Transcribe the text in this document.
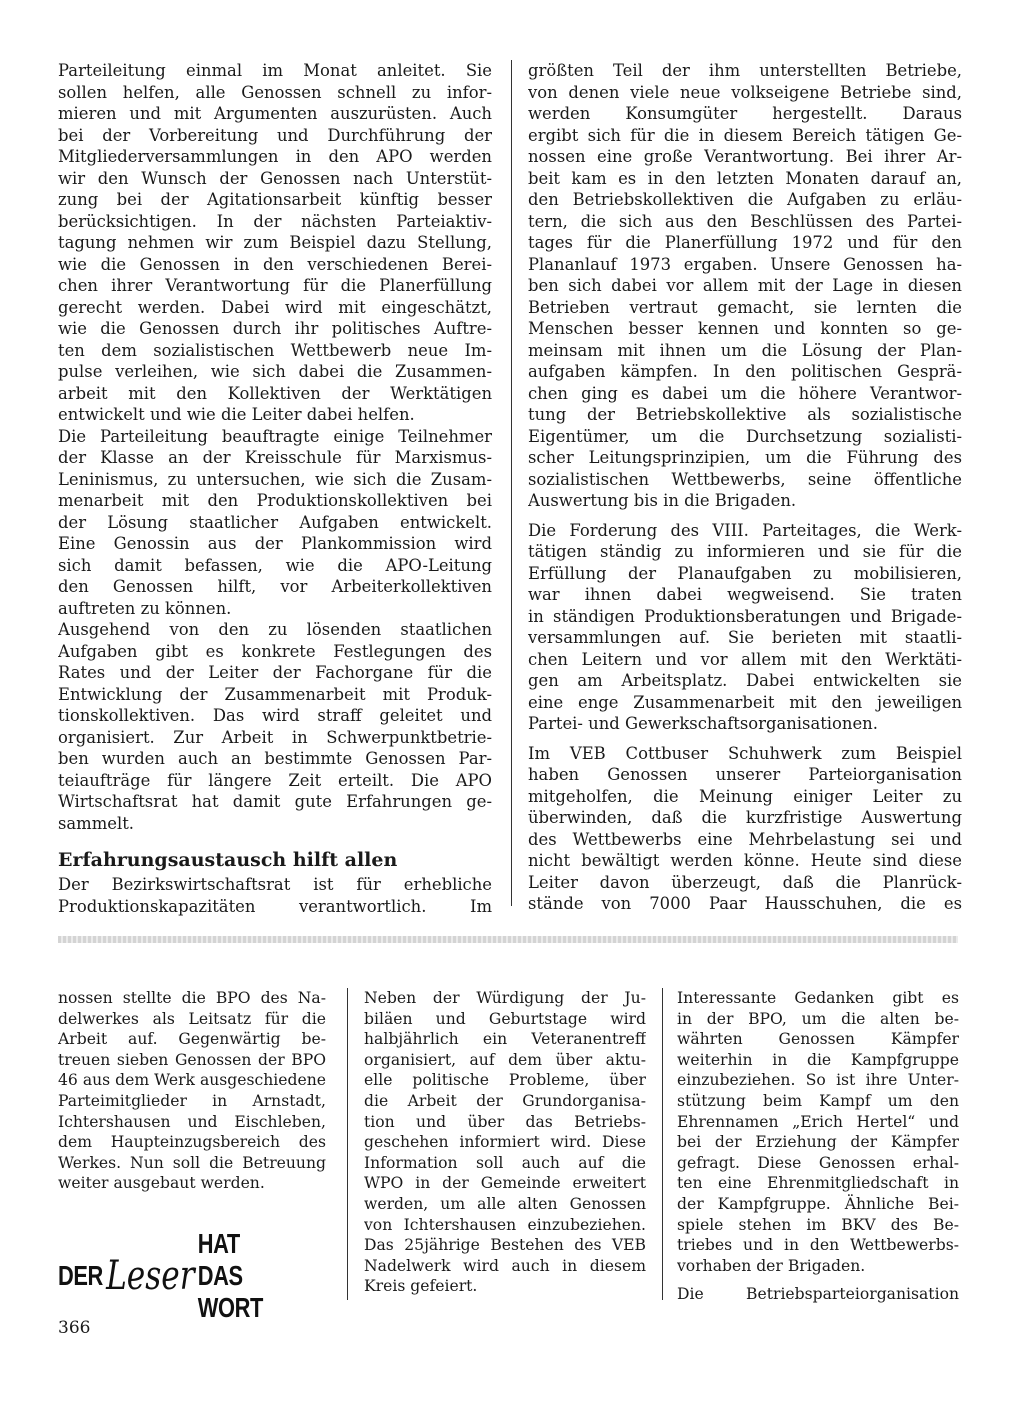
Parteileitung einmal im Monat anleitet. Sie
sollen helfen, alle Genossen schnell zu infor-
mieren und mit Argumenten auszurüsten. Auch
bei der Vorbereitung und Durchführung der
Mitgliederversammlungen in den APO werden
wir den Wunsch der Genossen nach Unterstüt-
zung bei der Agitationsarbeit künftig besser
berücksichtigen. In der nächsten Parteiaktiv-
tagung nehmen wir zum Beispiel dazu Stellung,
wie die Genossen in den verschiedenen Berei-
chen ihrer Verantwortung für die Planerfüllung
gerecht werden. Dabei wird mit eingeschätzt,
wie die Genossen durch ihr politisches Auftre-
ten dem sozialistischen Wettbewerb neue Im-
pulse verleihen, wie sich dabei die Zusammen-
arbeit mit den Kollektiven der Werktätigen
entwickelt und wie die Leiter dabei helfen.

Die Parteileitung beauftragte einige Teilnehmer
der Klasse an der Kreisschule für Marxismus-
Leninismus, zu untersuchen, wie sich die Zusam-
menarbeit mit den Produktionskollektiven bei
der Lösung staatlicher Aufgaben entwickelt.
Eine Genossin aus der Plankommission wird
sich damit befassen, wie die APO-Leitung
den Genossen hilft, vor Arbeiterkollektiven
auftreten zu können.

Ausgehend von den zu lösenden staatlichen
Aufgaben gibt es konkrete Festlegungen des
Rates und der Leiter der Fachorgane für die
Entwicklung der Zusammenarbeit mit Produk-
tionskollektiven. Das wird straff geleitet und
organisiert. Zur Arbeit in Schwerpunktbetrie-
ben wurden auch an bestimmte Genossen Par-
teiaufträge für längere Zeit erteilt. Die APO
Wirtschaftsrat hat damit gute Erfahrungen ge-
sammelt.

Erfahrungsaustausch hilft allen

Der Bezirkswirtschaftsrat ist für erhebliche
Produktionskapazitäten verantwortlich. Im

größten Teil der ihm unterstellten Betriebe,
von denen viele neue volkseigene Betriebe sind,
werden Konsumgüter hergestellt. Daraus
ergibt sich für die in diesem Bereich tätigen Ge-
nossen eine große Verantwortung. Bei ihrer Ar-
beit kam es in den letzten Monaten darauf an,
den Betriebskollektiven die Aufgaben zu erläu-
tern, die sich aus den Beschlüssen des Partei-
tages für die Planerfüllung 1972 und für den
Plananlauf 1973 ergaben. Unsere Genossen ha-
ben sich dabei vor allem mit der Lage in diesen
Betrieben vertraut gemacht, sie lernten die
Menschen besser kennen und konnten so ge-
meinsam mit ihnen um die Lösung der Plan-
aufgaben kämpfen. In den politischen Gesprä-
chen ging es dabei um die höhere Verantwor-
tung der Betriebskollektive als sozialistische
Eigentümer, um die Durchsetzung sozialisti-
scher Leitungsprinzipien, um die Führung des
sozialistischen Wettbewerbs, seine öffentliche
Auswertung bis in die Brigaden.

Die Forderung des VIII. Parteitages, die Werk-
tätigen ständig zu informieren und sie für die
Erfüllung der Planaufgaben zu mobilisieren,
war ihnen dabei wegweisend. Sie traten
in ständigen Produktionsberatungen und Brigade-
versammlungen auf. Sie berieten mit staatli-
chen Leitern und vor allem mit den Werktäti-
gen am Arbeitsplatz. Dabei entwickelten sie
eine enge Zusammenarbeit mit den jeweiligen
Partei- und Gewerkschaftsorganisationen.

Im VEB Cottbuser Schuhwerk zum Beispiel
haben Genossen unserer Parteiorganisation
mitgeholfen, die Meinung einiger Leiter zu
überwinden, daß die kurzfristige Auswertung
des Wettbewerbs eine Mehrbelastung sei und
nicht bewältigt werden könne. Heute sind diese
Leiter davon überzeugt, daß die Planrück-
stände von 7000 Paar Hausschuhen, die es

nossen stellte die BPO des Na-
delwerkes als Leitsatz für die
Arbeit auf. Gegenwärtig be-
treuen sieben Genossen der BPO
46 aus dem Werk ausgeschiedene
Parteimitglieder in Arnstadt,
Ichtershausen und Eischleben,
dem Haupteinzugsbereich des
Werkes. Nun soll die Betreuung
weiter ausgebaut werden.

Neben der Würdigung der Ju-
biläen und Geburtstage wird
halbjährlich ein Veteranentreff
organisiert, auf dem über aktu-
elle politische Probleme, über
die Arbeit der Grundorganisa-
tion und über das Betriebs-
geschehen informiert wird. Diese
Information soll auch auf die
WPO in der Gemeinde erweitert
werden, um alle alten Genossen
von Ichtershausen einzubeziehen.
Das 25jährige Bestehen des VEB
Nadelwerk wird auch in diesem
Kreis gefeiert.

Interessante Gedanken gibt es
in der BPO, um die alten be-
währten Genossen Kämpfer
weiterhin in die Kampfgruppe
einzubeziehen. So ist ihre Unter-
stützung beim Kampf um den
Ehrennamen „Erich Hertel“ und
bei der Erziehung der Kämpfer
gefragt. Diese Genossen erhal-
ten eine Ehrenmitgliedschaft in
der Kampfgruppe. Ähnliche Bei-
spiele stehen im BKV des Be-
triebes und in den Wettbewerbs-
vorhaben der Brigaden.

Die Betriebsparteiorganisation

DER Leser
HAT DAS WORT
366
